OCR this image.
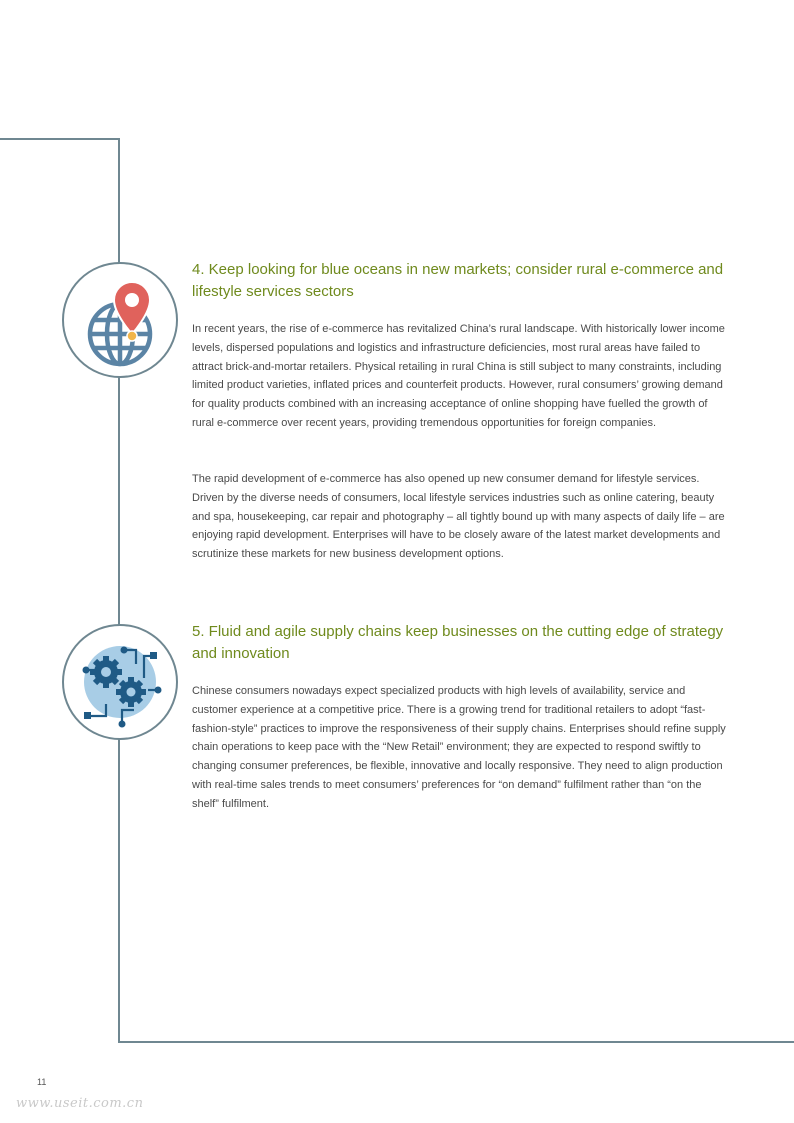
4. Keep looking for blue oceans in new markets; consider rural e-commerce and lifestyle services sectors

In recent years, the rise of e-commerce has revitalized China’s rural landscape. With historically lower income levels, dispersed populations and logistics and infrastructure deficiencies, most rural areas have failed to attract brick-and-mortar retailers. Physical retailing in rural China is still subject to many constraints, including limited product varieties, inflated prices and counterfeit products. However, rural consumers’ growing demand for quality products combined with an increasing acceptance of online shopping have fuelled the growth of rural e-commerce over recent years, providing tremendous opportunities for foreign companies.

The rapid development of e-commerce has also opened up new consumer demand for lifestyle services. Driven by the diverse needs of consumers, local lifestyle services industries such as online catering, beauty and spa, housekeeping, car repair and photography – all tightly bound up with many aspects of daily life – are enjoying rapid development. Enterprises will have to be closely aware of the latest market developments and scrutinize these markets for new business development options.

5. Fluid and agile supply chains keep businesses on the cutting edge of strategy and innovation

Chinese consumers nowadays expect specialized products with high levels of availability, service and customer experience at a competitive price. There is a growing trend for traditional retailers to adopt “fast-fashion-style” practices to improve the responsiveness of their supply chains. Enterprises should refine supply chain operations to keep pace with the “New Retail” environment; they are expected to respond swiftly to changing consumer preferences, be flexible, innovative and locally responsive. They need to align production with real-time sales trends to meet consumers’ preferences for “on demand” fulfilment rather than “on the shelf” fulfilment.

11
www.useit.com.cn
